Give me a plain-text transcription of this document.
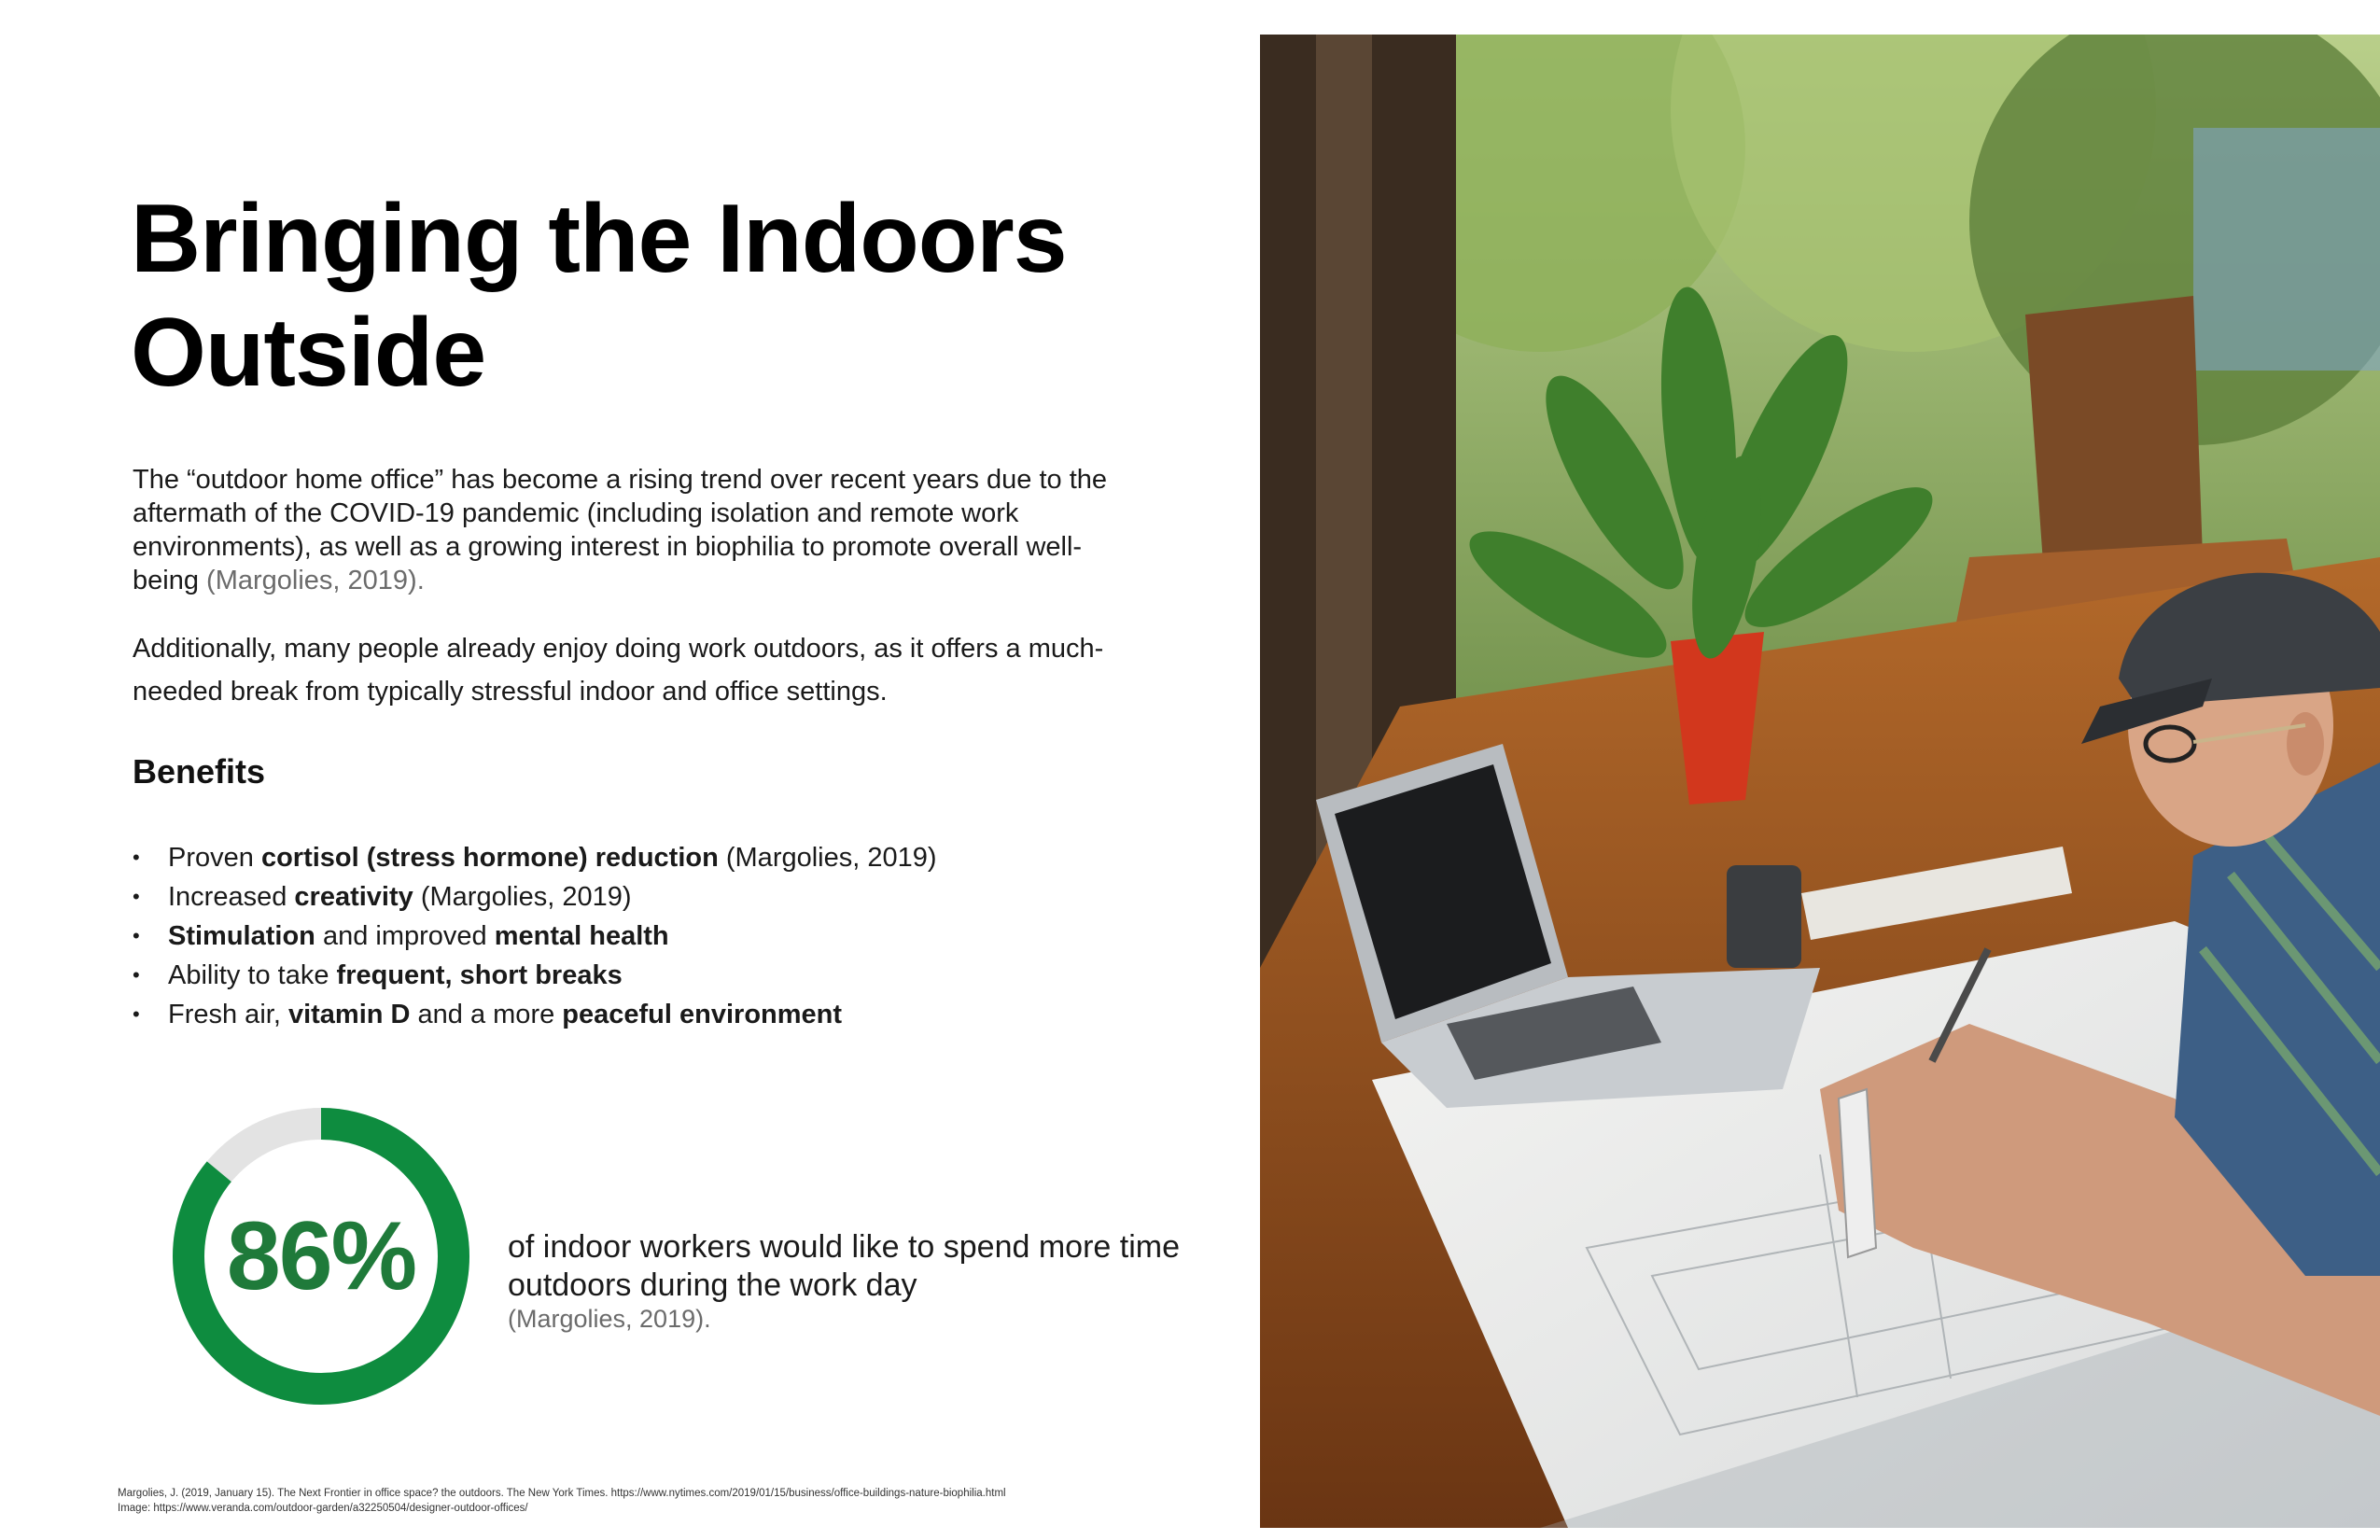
Bringing the Indoors Outside
The “outdoor home office” has become a rising trend over recent years due to the aftermath of the COVID-19 pandemic (including isolation and remote work environments), as well as a growing interest in biophilia to promote overall well-being (Margolies, 2019).
Additionally, many people already enjoy doing work outdoors, as it offers a much-needed break from typically stressful indoor and office settings.
Benefits
• Proven cortisol (stress hormone) reduction (Margolies, 2019)
• Increased creativity (Margolies, 2019)
• Stimulation and improved mental health
• Ability to take frequent, short breaks
• Fresh air, vitamin D and a more peaceful environment
86%	of indoor workers would like to spend more time outdoors during the work day
(Margolies, 2019).
Margolies, J. (2019, January 15). The Next Frontier in office space? the outdoors. The New York Times. https://www.nytimes.com/2019/01/15/business/office-buildings-nature-biophilia.html
Image: https://www.veranda.com/outdoor-garden/a32250504/designer-outdoor-offices/
